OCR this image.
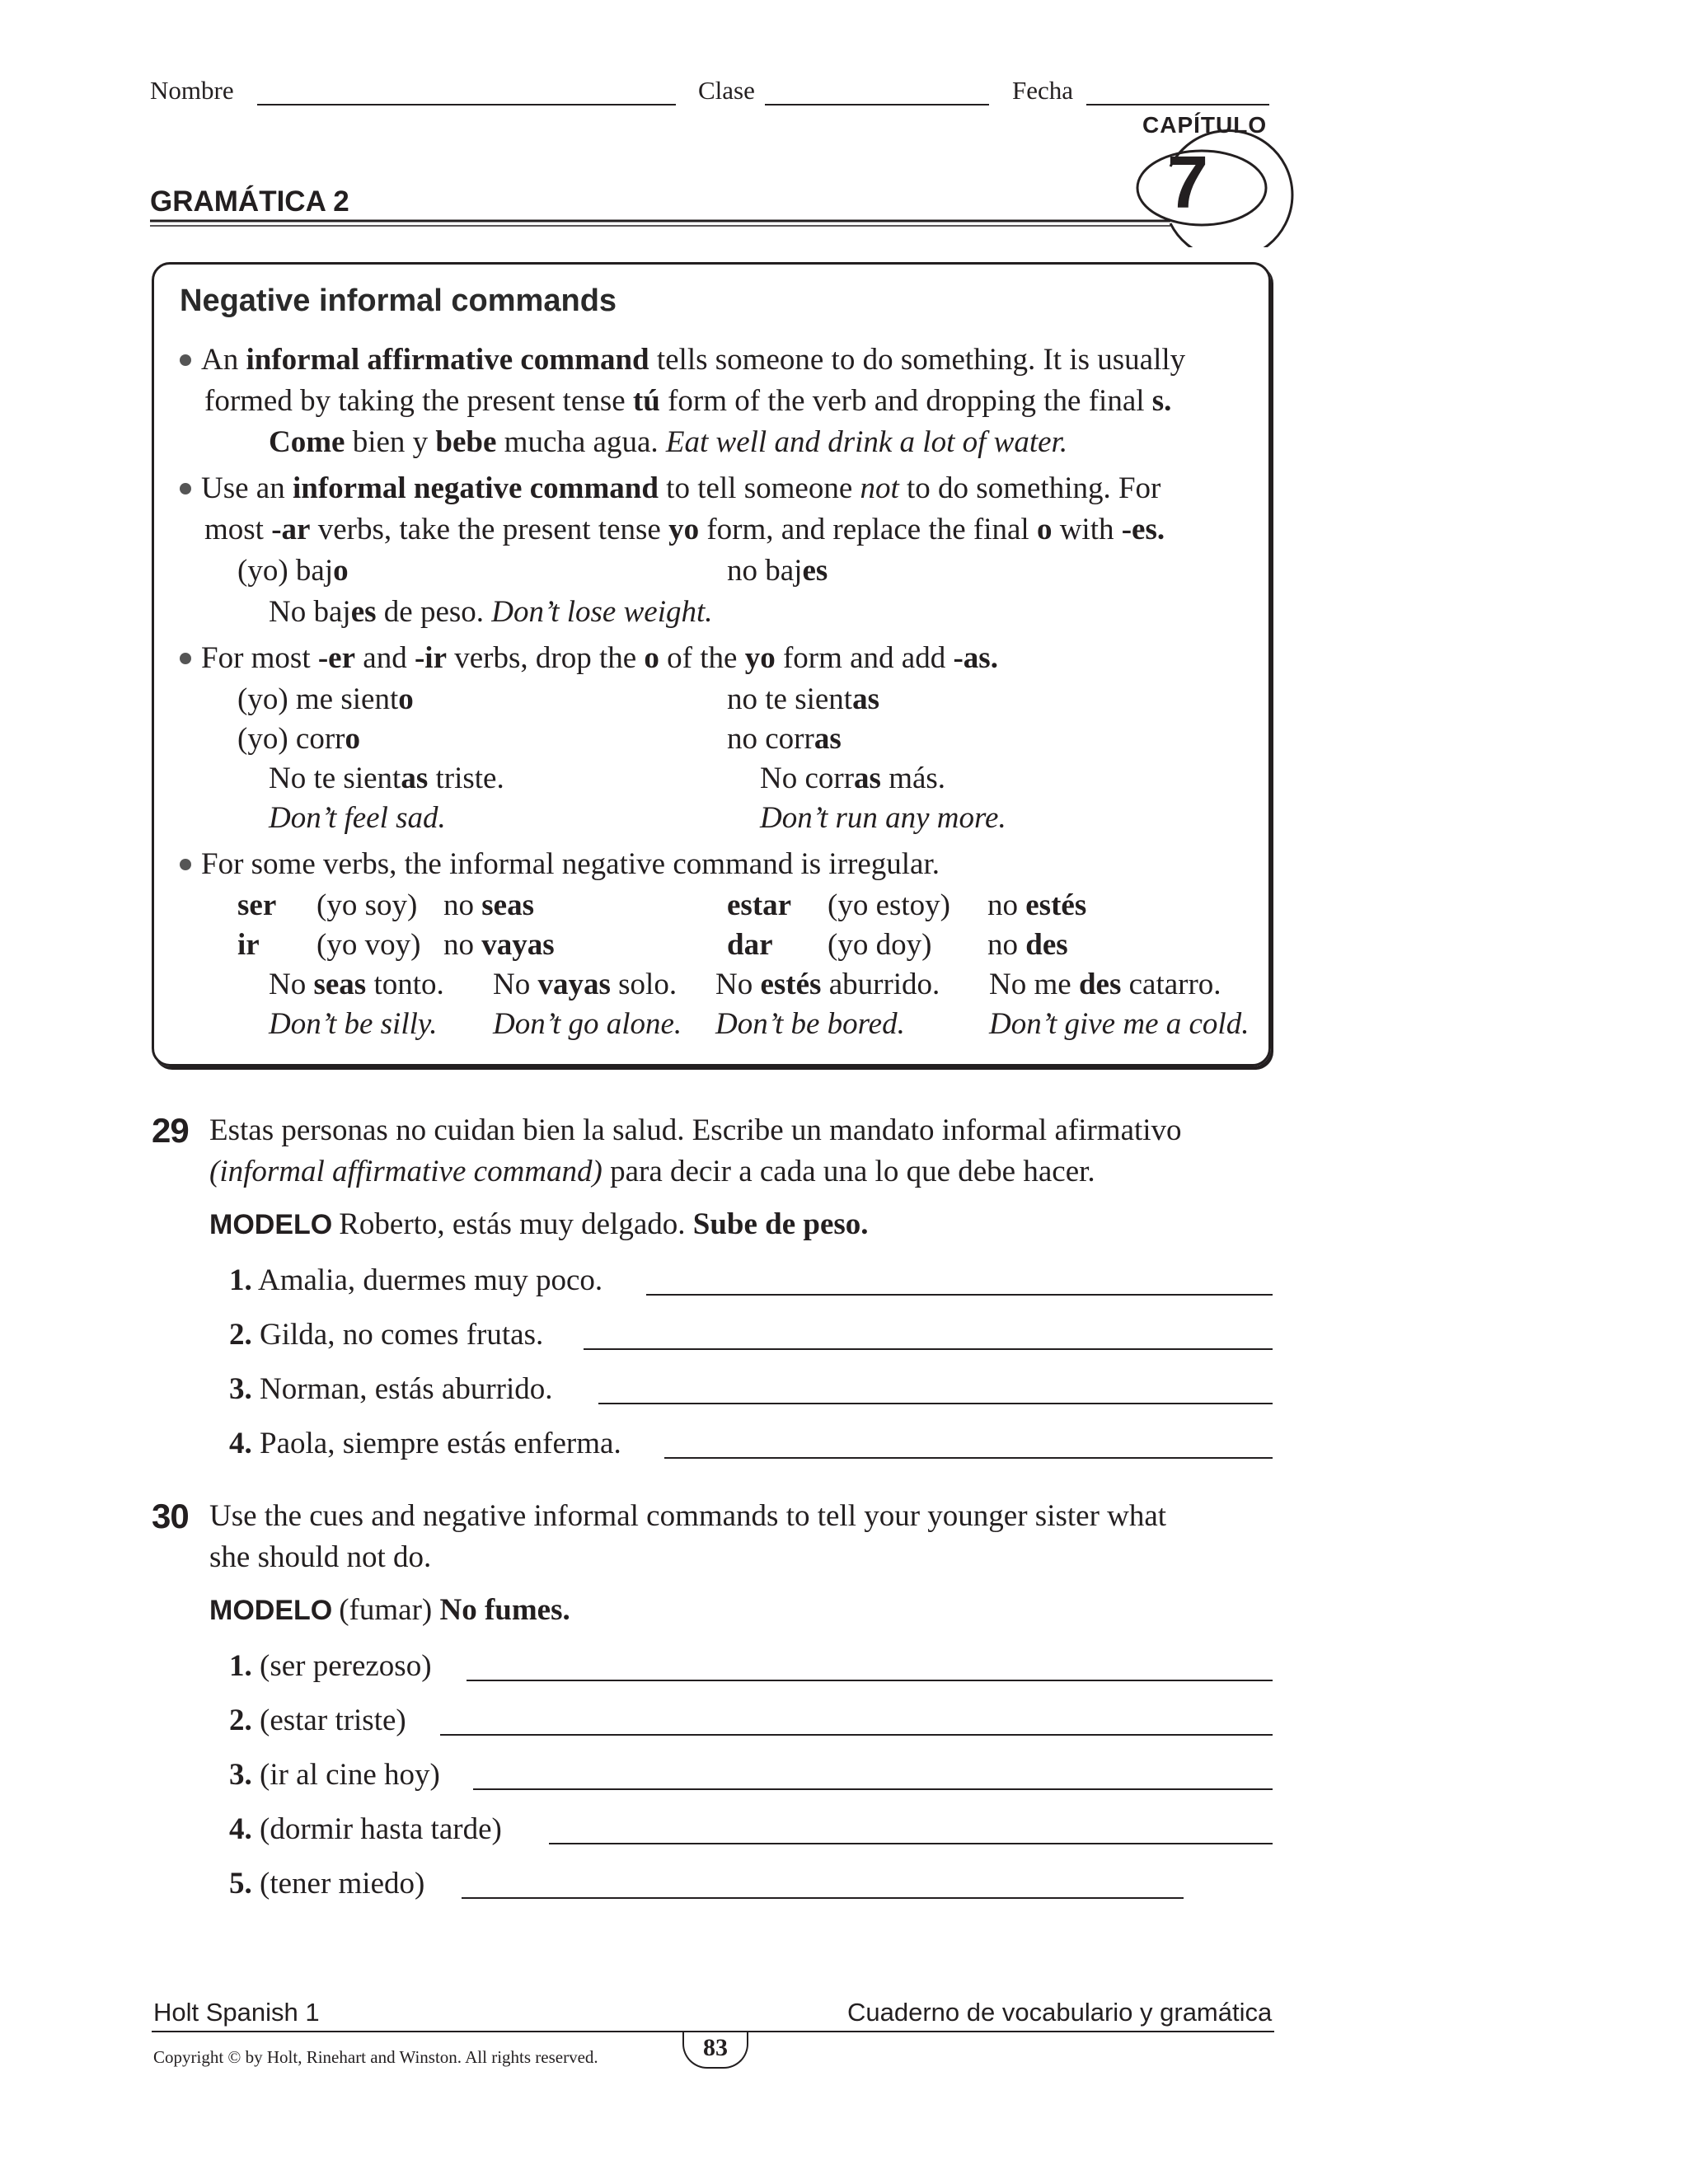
Nombre	Clase	Fecha
CAPÍTULO
GRAMÁTICA 2	7
Negative informal commands
An informal affirmative command tells someone to do something. It is usually
formed by taking the present tense tú form of the verb and dropping the final s.
Come bien y bebe mucha agua. Eat well and drink a lot of water.
Use an informal negative command to tell someone not to do something. For
most -ar verbs, take the present tense yo form, and replace the final o with -es.
(yo) bajo	no bajes
No bajes de peso. Don’t lose weight.
For most -er and -ir verbs, drop the o of the yo form and add -as.
(yo) me siento	no te sientas
(yo) corro	no corras
No te sientas triste.	No corras más.
Don’t feel sad.	Don’t run any more.
For some verbs, the informal negative command is irregular.
ser (yo soy) no seas	estar (yo estoy) no estés
ir (yo voy) no vayas	dar (yo doy) no des
No seas tonto. No vayas solo. No estés aburrido. No me des catarro.
Don’t be silly. Don’t go alone. Don’t be bored.	Don’t give me a cold.
29 Estas personas no cuidan bien la salud. Escribe un mandato informal afirmativo
(informal affirmative command) para decir a cada una lo que debe hacer.
MODELO Roberto, estás muy delgado. Sube de peso.
1. Amalia, duermes muy poco.
2. Gilda, no comes frutas.
3. Norman, estás aburrido.
4. Paola, siempre estás enferma.
30 Use the cues and negative informal commands to tell your younger sister what
she should not do.
MODELO (fumar) No fumes.
1. (ser perezoso)
2. (estar triste)
3. (ir al cine hoy)
4. (dormir hasta tarde)
5. (tener miedo)
Holt Spanish 1	Cuaderno de vocabulario y gramática
Copyright © by Holt, Rinehart and Winston. All rights reserved.	83
